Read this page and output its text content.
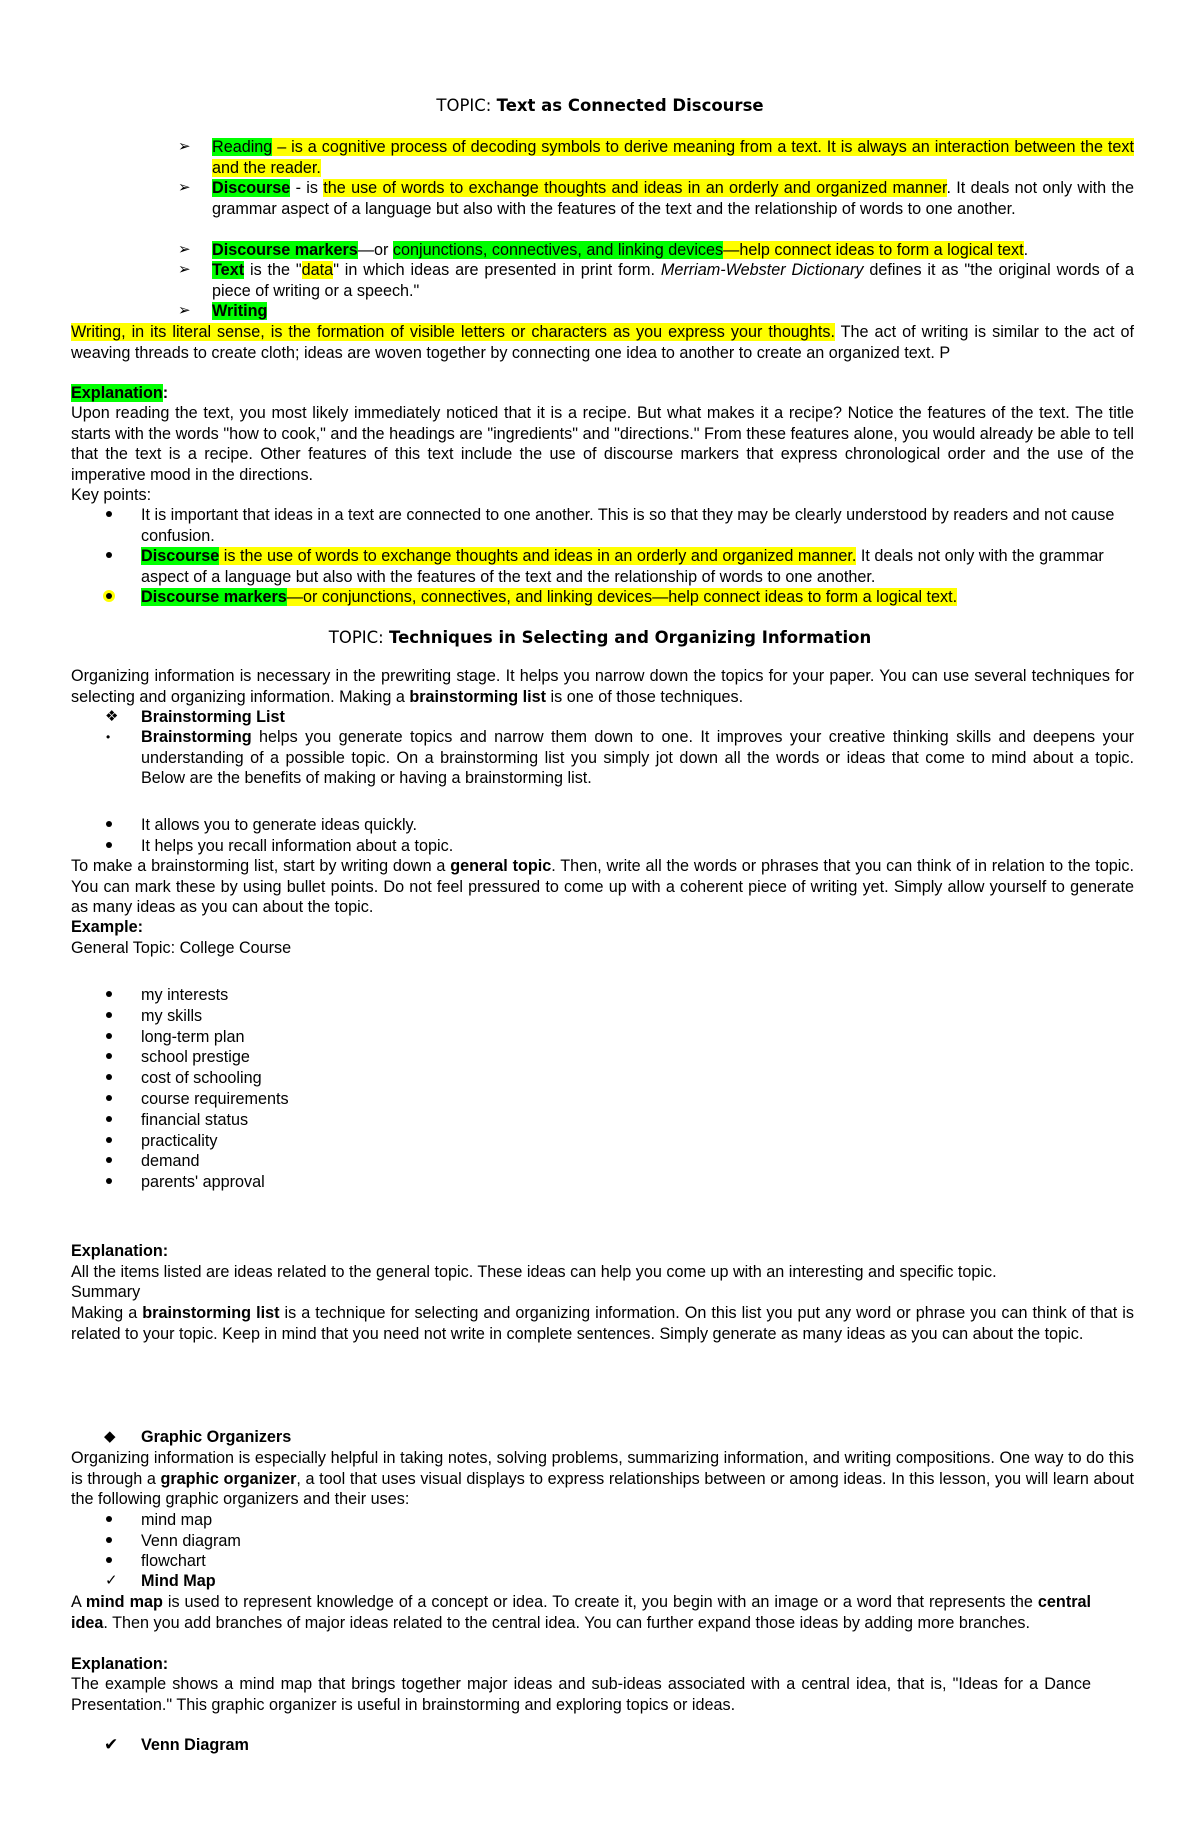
TOPIC: Text as Connected Discourse
➢ Reading – is a cognitive process of decoding symbols to derive meaning from a text. It is always an interaction between the text and the reader.
➢ Discourse - is the use of words to exchange thoughts and ideas in an orderly and organized manner. It deals not only with the grammar aspect of a language but also with the features of the text and the relationship of words to one another.
➢ Discourse markers—or conjunctions, connectives, and linking devices—help connect ideas to form a logical text.
➢ Text is the "data" in which ideas are presented in print form. Merriam-Webster Dictionary defines it as "the original words of a piece of writing or a speech."
➢ Writing
Writing, in its literal sense, is the formation of visible letters or characters as you express your thoughts. The act of writing is similar to the act of weaving threads to create cloth; ideas are woven together by connecting one idea to another to create an organized text. P
Explanation:
Upon reading the text, you most likely immediately noticed that it is a recipe. But what makes it a recipe? Notice the features of the text. The title starts with the words "how to cook," and the headings are "ingredients" and "directions." From these features alone, you would already be able to tell that the text is a recipe. Other features of this text include the use of discourse markers that express chronological order and the use of the imperative mood in the directions.
Key points:
It is important that ideas in a text are connected to one another. This is so that they may be clearly understood by readers and not cause confusion.
Discourse is the use of words to exchange thoughts and ideas in an orderly and organized manner. It deals not only with the grammar aspect of a language but also with the features of the text and the relationship of words to one another.
Discourse markers—or conjunctions, connectives, and linking devices—help connect ideas to form a logical text.
TOPIC: Techniques in Selecting and Organizing Information
Organizing information is necessary in the prewriting stage. It helps you narrow down the topics for your paper. You can use several techniques for selecting and organizing information. Making a brainstorming list is one of those techniques.
❖ Brainstorming List
• Brainstorming helps you generate topics and narrow them down to one. It improves your creative thinking skills and deepens your understanding of a possible topic. On a brainstorming list you simply jot down all the words or ideas that come to mind about a topic. Below are the benefits of making or having a brainstorming list.
It allows you to generate ideas quickly.
It helps you recall information about a topic.
To make a brainstorming list, start by writing down a general topic. Then, write all the words or phrases that you can think of in relation to the topic. You can mark these by using bullet points. Do not feel pressured to come up with a coherent piece of writing yet. Simply allow yourself to generate as many ideas as you can about the topic.
Example:
General Topic: College Course
Explanation:
All the items listed are ideas related to the general topic. These ideas can help you come up with an interesting and specific topic.
Summary
Making a brainstorming list is a technique for selecting and organizing information. On this list you put any word or phrase you can think of that is related to your topic. Keep in mind that you need not write in complete sentences. Simply generate as many ideas as you can about the topic.
◆ Graphic Organizers
Organizing information is especially helpful in taking notes, solving problems, summarizing information, and writing compositions. One way to do this is through a graphic organizer, a tool that uses visual displays to express relationships between or among ideas. In this lesson, you will learn about the following graphic organizers and their uses:
✓ Mind Map
A mind map is used to represent knowledge of a concept or idea. To create it, you begin with an image or a word that represents the central idea. Then you add branches of major ideas related to the central idea. You can further expand those ideas by adding more branches.
Explanation:
The example shows a mind map that brings together major ideas and sub-ideas associated with a central idea, that is, "Ideas for a Dance Presentation." This graphic organizer is useful in brainstorming and exploring topics or ideas.
✔ Venn Diagram
my interests
my skills
long-term plan
school prestige
cost of schooling
course requirements
financial status
practicality
demand
parents' approval
mind map
Venn diagram
flowchart
